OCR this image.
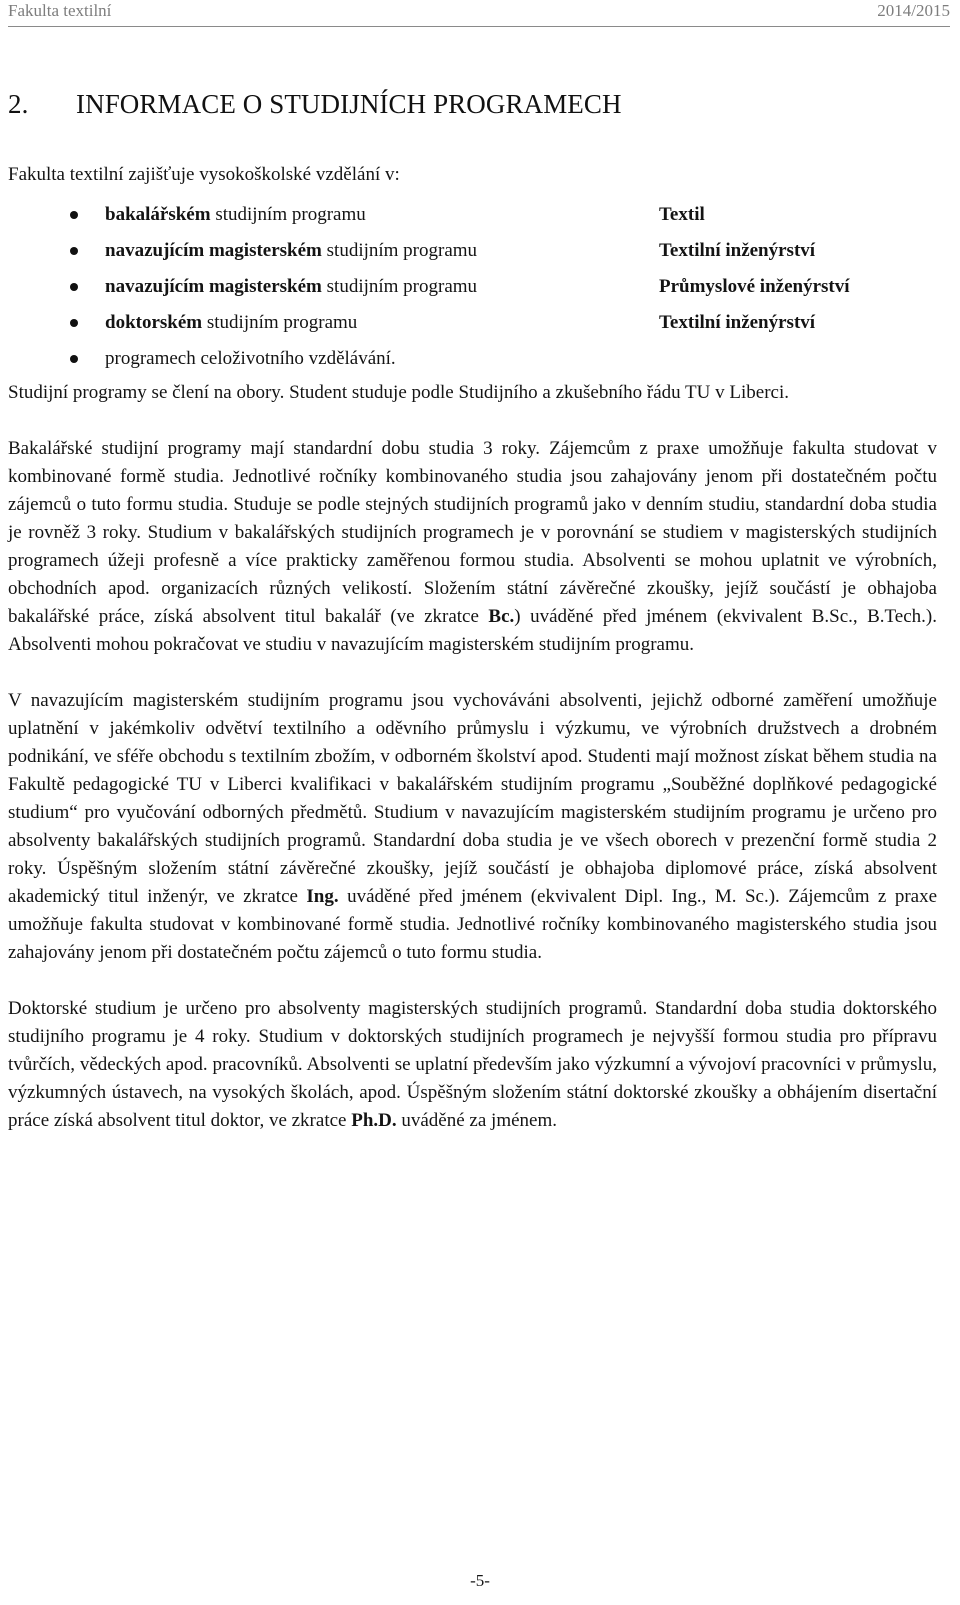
Fakulta textilní	2014/2015
2. INFORMACE O STUDIJNÍCH PROGRAMECH

Fakulta textilní zajišťuje vysokoškolské vzdělání v:

bakalářském studijním programu	Textil
navazujícím magisterském studijním programu	Textilní inženýrství
navazujícím magisterském studijním programu	Průmyslové inženýrství
doktorském studijním programu	Textilní inženýrství
programech celoživotního vzdělávání.

Studijní programy se člení na obory. Student studuje podle Studijního a zkušebního řádu TU v Liberci.

Bakalářské studijní programy mají standardní dobu studia 3 roky. Zájemcům z praxe umožňuje fakulta studovat v kombinované formě studia. Jednotlivé ročníky kombinovaného studia jsou zahajovány jenom při dostatečném počtu zájemců o tuto formu studia. Studuje se podle stejných studijních programů jako v denním studiu, standardní doba studia je rovněž 3 roky. Studium v bakalářských studijních programech je v porovnání se studiem v magisterských studijních programech úžeji profesně a více prakticky zaměřenou formou studia. Absolventi se mohou uplatnit ve výrobních, obchodních apod. organizacích různých velikostí. Složením státní závěrečné zkoušky, jejíž součástí je obhajoba bakalářské práce, získá absolvent titul bakalář (ve zkratce Bc.) uváděné před jménem (ekvivalent B.Sc., B.Tech.). Absolventi mohou pokračovat ve studiu v navazujícím magisterském studijním programu.

V navazujícím magisterském studijním programu jsou vychováváni absolventi, jejichž odborné zaměření umožňuje uplatnění v jakémkoliv odvětví textilního a oděvního průmyslu i výzkumu, ve výrobních družstvech a drobném podnikání, ve sféře obchodu s textilním zbožím, v odborném školství apod. Studenti mají možnost získat během studia na Fakultě pedagogické TU v Liberci kvalifikaci v bakalářském studijním programu „Souběžné doplňkové pedagogické studium“ pro vyučování odborných předmětů. Studium v navazujícím magisterském studijním programu je určeno pro absolventy bakalářských studijních programů. Standardní doba studia je ve všech oborech v prezenční formě studia 2 roky. Úspěšným složením státní závěrečné zkoušky, jejíž součástí je obhajoba diplomové práce, získá absolvent akademický titul inženýr, ve zkratce Ing. uváděné před jménem (ekvivalent Dipl. Ing., M. Sc.). Zájemcům z praxe umožňuje fakulta studovat v kombinované formě studia. Jednotlivé ročníky kombinovaného magisterského studia jsou zahajovány jenom při dostatečném počtu zájemců o tuto formu studia.

Doktorské studium je určeno pro absolventy magisterských studijních programů. Standardní doba studia doktorského studijního programu je 4 roky. Studium v doktorských studijních programech je nejvyšší formou studia pro přípravu tvůrčích, vědeckých apod. pracovníků. Absolventi se uplatní především jako výzkumní a vývojoví pracovníci v průmyslu, výzkumných ústavech, na vysokých školách, apod. Úspěšným složením státní doktorské zkoušky a obhájením disertační práce získá absolvent titul doktor, ve zkratce Ph.D. uváděné za jménem.

-5-
